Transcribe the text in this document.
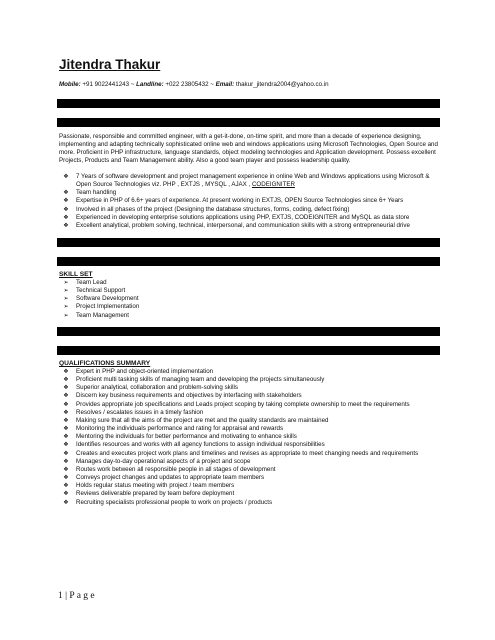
Jitendra Thakur
Mobile: +91 9022441243 ~ Landline: +022 23805432 ~ Email: thakur_jitendra2004@yahoo.co.in
Passionate, responsible and committed engineer, with a get-it-done, on-time spirit, and more than a decade of experience designing, implementing and adapting technically sophisticated online web and windows applications using Microsoft Technologies, Open Source and more. Proficient in PHP infrastructure, language standards, object modeling technologies and Application development. Possess excellent Projects, Products and Team Management ability. Also a good team player and possess leadership quality.
❖	7 Years of software development and project management experience in online Web and Windows applications using Microsoft & Open Source Technologies viz. PHP , EXTJS , MYSQL , AJAX , CODEIGNITER
❖	Team handling
❖	Expertise in PHP of 6.6+ years of experience. At present working in EXTJS, OPEN Source Technologies since 6+ Years
❖	Involved in all phases of the project (Designing the database structures, forms, coding, defect fixing)
❖	Experienced in developing enterprise solutions applications using PHP, EXTJS, CODEIGNITER and MySQL as data store
❖	Excellent analytical, problem solving, technical, interpersonal, and communication skills with a strong entrepreneurial drive
SKILL SET
➢	Team Lead
➢	Technical Support
➢	Software Development
➢	Project Implementation
➢	Team Management
QUALIFICATIONS SUMMARY
❖	Expert in PHP and object-oriented implementation
❖	Proficient multi tasking skills of managing team and developing the projects simultaneously
❖	Superior analytical, collaboration and problem-solving skills
❖	Discern key business requirements and objectives by interfacing with stakeholders
❖	Provides appropriate job specifications and Leads project scoping by taking complete ownership to meet the requirements
❖	Resolves / escalates issues in a timely fashion
❖	Making sure that all the aims of the project are met and the quality standards are maintained
❖	Monitoring the individuals performance and rating for appraisal and rewards
❖	Mentoring the individuals for better performance and motivating to enhance skills
❖	Identifies resources and works with all agency functions to assign individual responsibilities
❖	Creates and executes project work plans and timelines and revises as appropriate to meet changing needs and requirements
❖	Manages day-to-day operational aspects of a project and scope
❖	Routes work between all responsible people in all stages of development
❖	Conveys project changes and updates to appropriate team members
❖	Holds regular status meeting with project / team members
❖	Reviews deliverable prepared by team before deployment
❖	Recruiting specialists professional people to work on projects / products
1 | P a g e
